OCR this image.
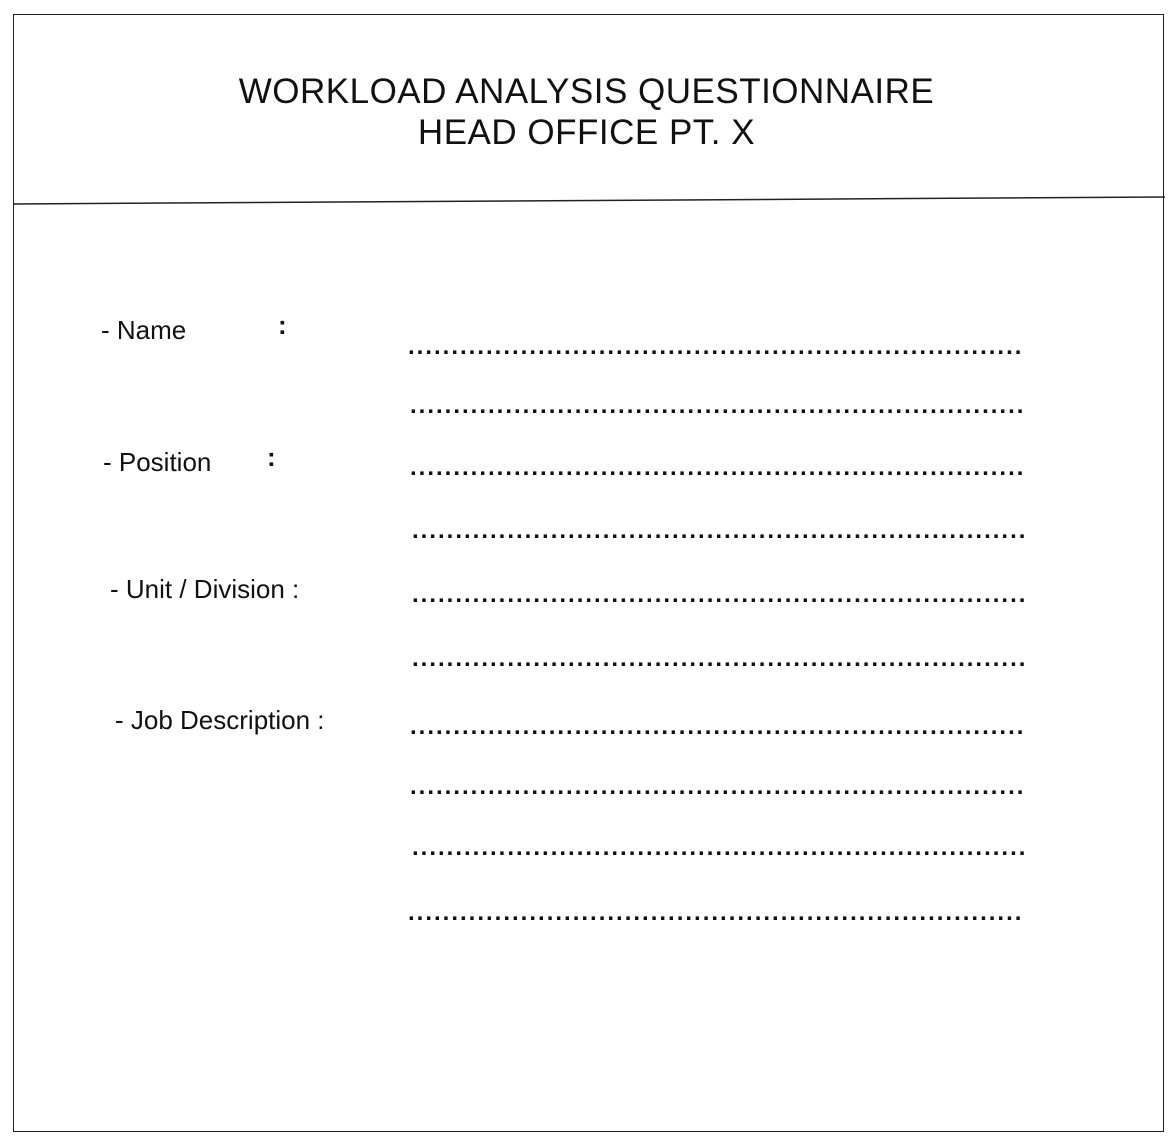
WORKLOAD ANALYSIS QUESTIONNAIRE
HEAD OFFICE PT. X
- Name	:
.......................................................................
.......................................................................
- Position :	.......................................................................
.......................................................................
- Unit / Division :	.......................................................................
.......................................................................
- Job Description :	.......................................................................
.......................................................................
.......................................................................
.......................................................................
